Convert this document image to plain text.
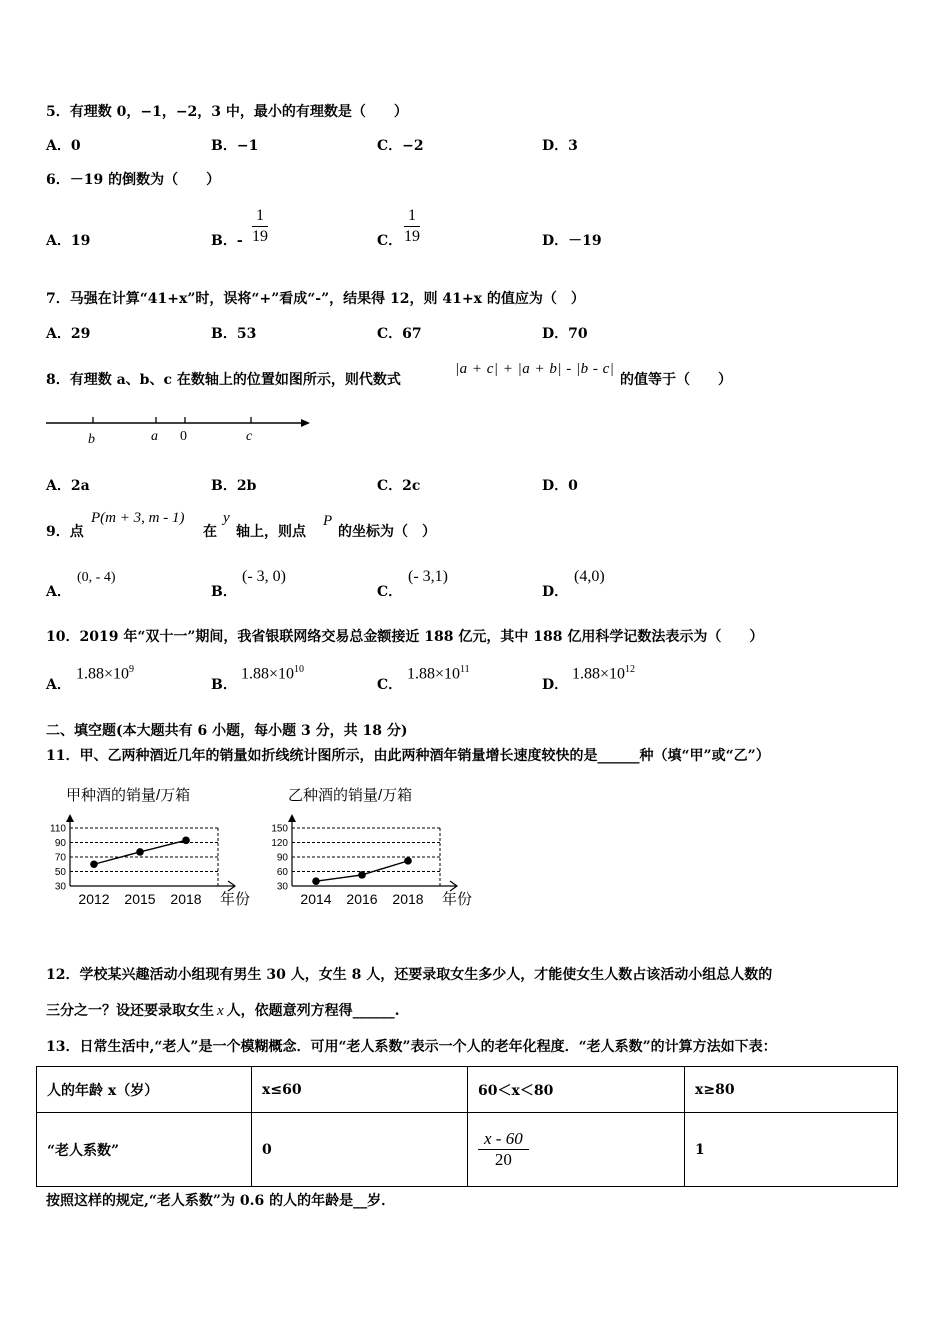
5．有理数 0，−1，−2，3 中，最小的有理数是（　　）
A．0	B．−1	C．−2	D．3
6．－19 的倒数为（　　）
A．19	B．- $\frac{1}{19}$	C． $\frac{1}{19}$	D．－19
7．马强在计算“41+x”时，误将“+”看成“-”，结果得 12，则 41+x 的值应为（　）
A．29	B．53	C．67	D．70
8．有理数 a、b、c 在数轴上的位置如图所示，则代数式
|a + c| + |a + b| - |b - c|
的值等于（　　）
b	a 0	c
A．2a	B．2b	C．2c	D．0
9．点
P(m + 3, m - 1)
在
y
轴上，则点
P
的坐标为（　）
A．
(0, - 4)
B．
(- 3, 0)
C．
(- 3,1)
D．
(4,0)
10．2019 年“双十一”期间，我省银联网络交易总金额接近 188 亿元，其中 188 亿用科学记数法表示为（　　）
A．
$1.88\times 10^9$
B．
$1.88\times 10^{10}$
C．
$1.88\times 10^{11}$
D．
$1.88\times 10^{12}$
二、填空题(本大题共有 6 小题，每小题 3 分，共 18 分)
11．甲、乙两种酒近几年的销量如折线统计图所示，由此两种酒年销量增长速度较快的是______种（填“甲”或“乙”）
甲种酒的销量/万箱
30
50
70
90
110
2012 2015 2018 年份
乙种酒的销量/万箱
30
60
90
120
150
2014 2016 2018 年份
12．学校某兴趣活动小组现有男生 30 人，女生 8 人，还要录取女生多少人，才能使女生人数占该活动小组总人数的
三分之一？设还要录取女生 x 人，依题意列方程得______.
13．日常生活中,“老人”是一个模糊概念．可用“老人系数”表示一个人的老年化程度．“老人系数”的计算方法如下表：
人的年龄 x（岁）	x≤60	60＜x＜80	x≥80
“老人系数”	0	$\frac{x - 60}{20}$	1
按照这样的规定,“老人系数”为 0.6 的人的年龄是__岁．
